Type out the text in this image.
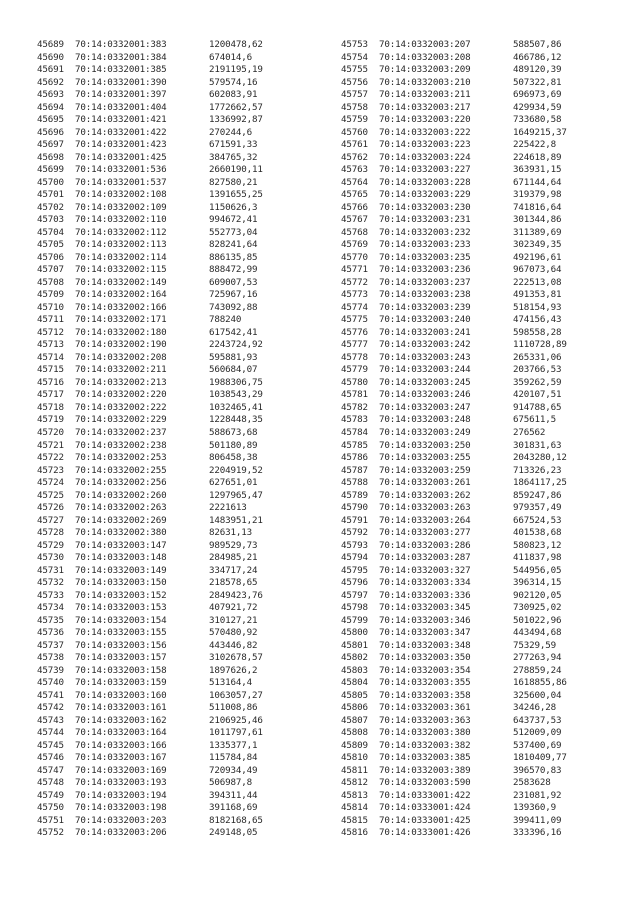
45689 70:14:0332001:383	1200478,62
45690 70:14:0332001:384	674014,6
45691 70:14:0332001:385	2191195,19
45692 70:14:0332001:390	579574,16
45693 70:14:0332001:397	602083,91
45694 70:14:0332001:404	1772662,57
45695 70:14:0332001:421	1336992,87
45696 70:14:0332001:422	270244,6
45697 70:14:0332001:423	671591,33
45698 70:14:0332001:425	384765,32
45699 70:14:0332001:536	2660190,11
45700 70:14:0332001:537	827580,21
45701 70:14:0332002:108	1391655,25
45702 70:14:0332002:109	1150626,3
45703 70:14:0332002:110	994672,41
45704 70:14:0332002:112	552773,04
45705 70:14:0332002:113	828241,64
45706 70:14:0332002:114	886135,85
45707 70:14:0332002:115	888472,99
45708 70:14:0332002:149	609007,53
45709 70:14:0332002:164	725967,16
45710 70:14:0332002:166	743092,88
45711 70:14:0332002:171	788240
45712 70:14:0332002:180	617542,41
45713 70:14:0332002:190	2243724,92
45714 70:14:0332002:208	595881,93
45715 70:14:0332002:211	560684,07
45716 70:14:0332002:213	1988306,75
45717 70:14:0332002:220	1038543,29
45718 70:14:0332002:222	1032465,41
45719 70:14:0332002:229	1228448,35
45720 70:14:0332002:237	588673,68
45721 70:14:0332002:238	501180,89
45722 70:14:0332002:253	806458,38
45723 70:14:0332002:255	2204919,52
45724 70:14:0332002:256	627651,01
45725 70:14:0332002:260	1297965,47
45726 70:14:0332002:263	2221613
45727 70:14:0332002:269	1483951,21
45728 70:14:0332002:380	82631,13
45729 70:14:0332003:147	989529,73
45730 70:14:0332003:148	284985,21
45731 70:14:0332003:149	334717,24
45732 70:14:0332003:150	218578,65
45733 70:14:0332003:152	2849423,76
45734 70:14:0332003:153	407921,72
45735 70:14:0332003:154	310127,21
45736 70:14:0332003:155	570480,92
45737 70:14:0332003:156	443446,82
45738 70:14:0332003:157	3102678,57
45739 70:14:0332003:158	1897626,2
45740 70:14:0332003:159	513164,4
45741 70:14:0332003:160	1063057,27
45742 70:14:0332003:161	511008,86
45743 70:14:0332003:162	2106925,46
45744 70:14:0332003:164	1011797,61
45745 70:14:0332003:166	1335377,1
45746 70:14:0332003:167	115784,84
45747 70:14:0332003:169	720934,49
45748 70:14:0332003:193	506987,8
45749 70:14:0332003:194	394311,44
45750 70:14:0332003:198	391168,69
45751 70:14:0332003:203	8182168,65
45752 70:14:0332003:206	249148,05
45753 70:14:0332003:207	588507,86
45754 70:14:0332003:208	466786,12
45755 70:14:0332003:209	489120,39
45756 70:14:0332003:210	507322,81
45757 70:14:0332003:211	696973,69
45758 70:14:0332003:217	429934,59
45759 70:14:0332003:220	733680,58
45760 70:14:0332003:222	1649215,37
45761 70:14:0332003:223	225422,8
45762 70:14:0332003:224	224618,89
45763 70:14:0332003:227	363931,15
45764 70:14:0332003:228	671144,64
45765 70:14:0332003:229	319379,98
45766 70:14:0332003:230	741816,64
45767 70:14:0332003:231	301344,86
45768 70:14:0332003:232	311389,69
45769 70:14:0332003:233	302349,35
45770 70:14:0332003:235	492196,61
45771 70:14:0332003:236	967073,64
45772 70:14:0332003:237	222513,08
45773 70:14:0332003:238	491353,81
45774 70:14:0332003:239	518154,93
45775 70:14:0332003:240	474156,43
45776 70:14:0332003:241	598558,28
45777 70:14:0332003:242	1110728,89
45778 70:14:0332003:243	265331,06
45779 70:14:0332003:244	203766,53
45780 70:14:0332003:245	359262,59
45781 70:14:0332003:246	420107,51
45782 70:14:0332003:247	914788,65
45783 70:14:0332003:248	675611,5
45784 70:14:0332003:249	276562
45785 70:14:0332003:250	301831,63
45786 70:14:0332003:255	2043280,12
45787 70:14:0332003:259	713326,23
45788 70:14:0332003:261	1864117,25
45789 70:14:0332003:262	859247,86
45790 70:14:0332003:263	979357,49
45791 70:14:0332003:264	667524,53
45792 70:14:0332003:277	401538,68
45793 70:14:0332003:286	580823,12
45794 70:14:0332003:287	411837,98
45795 70:14:0332003:327	544956,05
45796 70:14:0332003:334	396314,15
45797 70:14:0332003:336	902120,05
45798 70:14:0332003:345	730925,02
45799 70:14:0332003:346	501022,96
45800 70:14:0332003:347	443494,68
45801 70:14:0332003:348	75329,59
45802 70:14:0332003:350	277263,94
45803 70:14:0332003:354	278859,24
45804 70:14:0332003:355	1618855,86
45805 70:14:0332003:358	325600,04
45806 70:14:0332003:361	34246,28
45807 70:14:0332003:363	643737,53
45808 70:14:0332003:380	512009,09
45809 70:14:0332003:382	537400,69
45810 70:14:0332003:385	1810409,77
45811 70:14:0332003:389	396570,83
45812 70:14:0332003:590	2583628
45813 70:14:0333001:422	231081,92
45814 70:14:0333001:424	139360,9
45815 70:14:0333001:425	399411,09
45816 70:14:0333001:426	333396,16
